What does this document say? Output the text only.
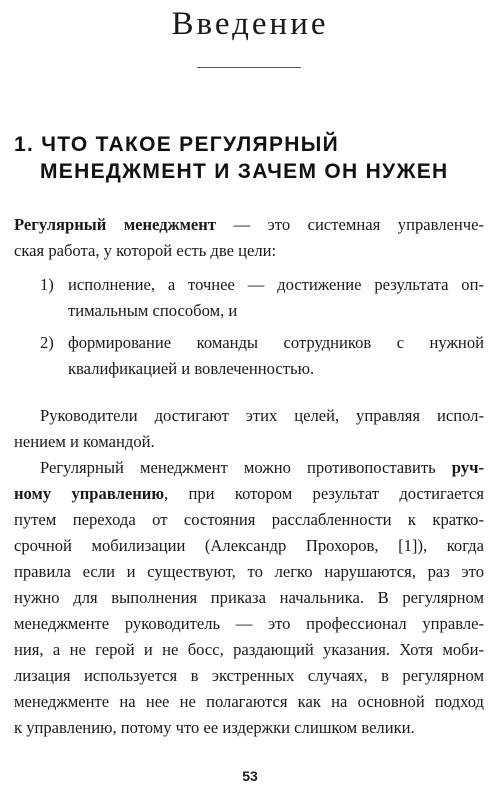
Введение
1. ЧТО ТАКОЕ РЕГУЛЯРНЫЙ
МЕНЕДЖМЕНТ И ЗАЧЕМ ОН НУЖЕН
Регулярный менеджмент — это системная управленче-
ская работа, у которой есть две цели:
1) исполнение, а точнее — достижение результата оп-
тимальным способом, и
2) формирование команды сотрудников с нужной
квалификацией и вовлеченностью.
Руководители достигают этих целей, управляя испол-
нением и командой.
Регулярный менеджмент можно противопоставить руч-
ному управлению, при котором результат достигается
путем перехода от состояния расслабленности к кратко-
срочной мобилизации (Александр Прохоров, [1]), когда
правила если и существуют, то легко нарушаются, раз это
нужно для выполнения приказа начальника. В регулярном
менеджменте руководитель — это профессионал управле-
ния, а не герой и не босс, раздающий указания. Хотя моби-
лизация используется в экстренных случаях, в регулярном
менеджменте на нее не полагаются как на основной подход
к управлению, потому что ее издержки слишком велики.
53
